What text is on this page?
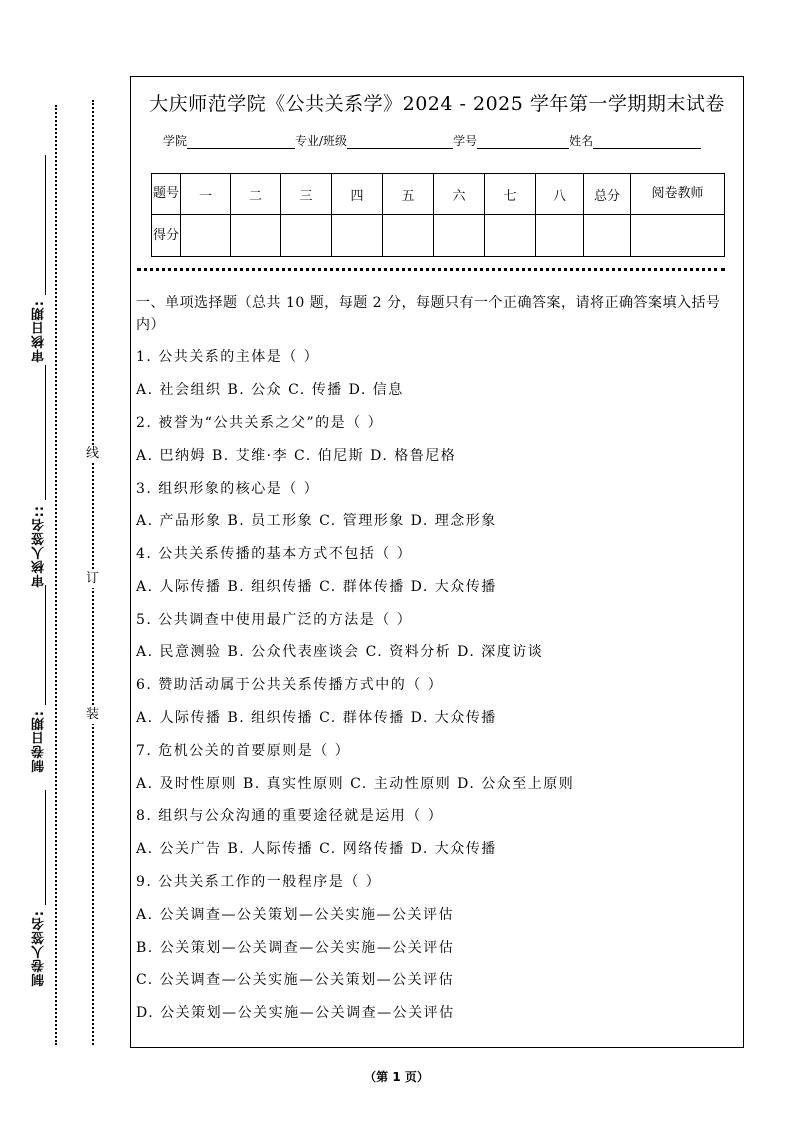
审核日期:
审核人签名::
制卷日期:
制卷人签名:
线
订
装
大庆师范学院《公共关系学》2024 - 2025 学年第一学期期末试卷
学院	专业/班级	学号	姓名
题号	一	二	三	四	五	六	七	八	总分	阅卷教师
得分										
一、单项选择题（总共 10 题，每题 2 分，每题只有一个正确答案，请将正确答案填入括号内）
1. 公共关系的主体是（ ）
A. 社会组织 B. 公众 C. 传播 D. 信息
2. 被誉为“公共关系之父”的是（ ）
A. 巴纳姆 B. 艾维·李 C. 伯尼斯 D. 格鲁尼格
3. 组织形象的核心是（ ）
A. 产品形象 B. 员工形象 C. 管理形象 D. 理念形象
4. 公共关系传播的基本方式不包括（ ）
A. 人际传播 B. 组织传播 C. 群体传播 D. 大众传播
5. 公共调查中使用最广泛的方法是（ ）
A. 民意测验 B. 公众代表座谈会 C. 资料分析 D. 深度访谈
6. 赞助活动属于公共关系传播方式中的（ ）
A. 人际传播 B. 组织传播 C. 群体传播 D. 大众传播
7. 危机公关的首要原则是（ ）
A. 及时性原则 B. 真实性原则 C. 主动性原则 D. 公众至上原则
8. 组织与公众沟通的重要途径就是运用（ ）
A. 公关广告 B. 人际传播 C. 网络传播 D. 大众传播
9. 公共关系工作的一般程序是（ ）
A. 公关调查—公关策划—公关实施—公关评估
B. 公关策划—公关调查—公关实施—公关评估
C. 公关调查—公关实施—公关策划—公关评估
D. 公关策划—公关实施—公关调查—公关评估
（第 1 页）
